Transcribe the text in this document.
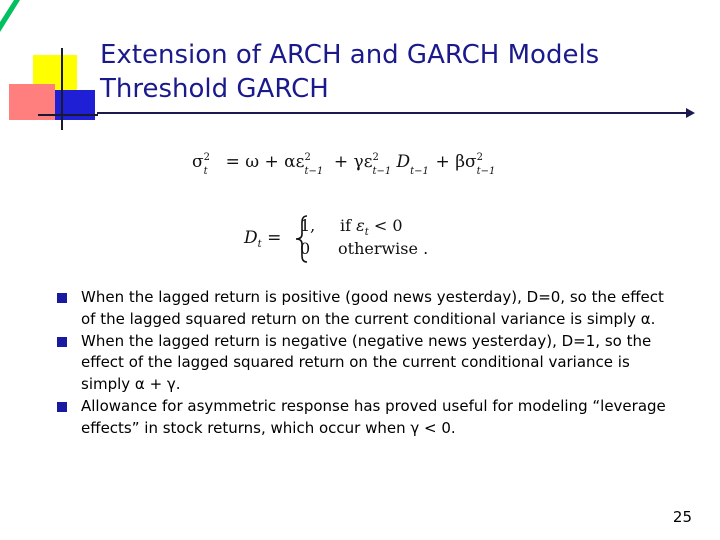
Extension of ARCH and GARCH Models
Threshold GARCH
σ 2
t = ω + αε 2
t−1 + γε 2
t−1 D t−1 + βσ 2
t−1
$D_t$ =
1, if $\varepsilon_t < 0$
0 otherwise .
When the lagged return is positive (good news yesterday), D=0, so the effect of the lagged squared return on the current conditional variance is simply α.
When the lagged return is negative (negative news yesterday), D=1, so the effect of the lagged squared return on the current conditional variance is simply α + γ.
Allowance for asymmetric response has proved useful for modeling “leverage effects” in stock returns, which occur when γ < 0.
25
